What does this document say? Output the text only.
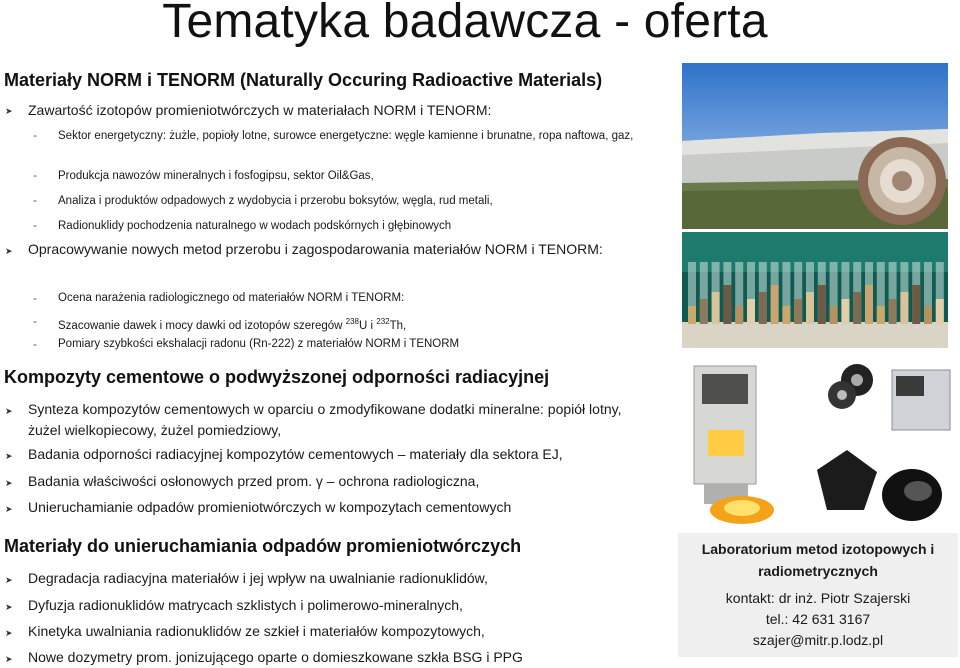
Tematyka badawcza - oferta
Materiały NORM i TENORM (Naturally Occuring Radioactive Materials)
➤ Zawartość izotopów promieniotwórczych w materiałach NORM i TENORM:
- Sektor energetyczny: żużle, popioły lotne, surowce energetyczne: węgle kamienne i brunatne, ropa naftowa, gaz,
- Produkcja nawozów mineralnych i fosfogipsu, sektor Oil&Gas,
- Analiza i produktów odpadowych z wydobycia i przerobu boksytów, węgla, rud metali,
- Radionuklidy pochodzenia naturalnego w wodach podskórnych i głębinowych
➤ Opracowywanie nowych metod przerobu i zagospodarowania materiałów NORM i TENORM:
- Ocena narażenia radiologicznego od materiałów NORM i TENORM:
- Szacowanie dawek i mocy dawki od izotopów szeregów $^{238}$U i $^{232}$Th,
- Pomiary szybkości ekshalacji radonu (Rn-222) z materiałów NORM i TENORM
Kompozyty cementowe o podwyższonej odporności radiacyjnej
➤ Synteza kompozytów cementowych w oparciu o zmodyfikowane dodatki mineralne: popiół lotny, żużel wielkopiecowy, żużel pomiedziowy,
➤ Badania odporności radiacyjnej kompozytów cementowych – materiały dla sektora EJ,
➤ Badania właściwości osłonowych przed prom. γ – ochrona radiologiczna,
➤ Unieruchamianie odpadów promieniotwórczych w kompozytach cementowych
Materiały do unieruchamiania odpadów promieniotwórczych
➤ Degradacja radiacyjna materiałów i jej wpływ na uwalnianie radionuklidów,
➤ Dyfuzja radionuklidów matrycach szklistych i polimerowo-mineralnych,
➤ Kinetyka uwalniania radionuklidów ze szkieł i materiałów kompozytowych,
➤ Nowe dozymetry prom. jonizującego oparte o domieszkowane szkła BSG i PPG
Laboratorium metod izotopowych i radiometrycznych
kontakt: dr inż. Piotr Szajerski
tel.: 42 631 3167
szajer@mitr.p.lodz.pl
